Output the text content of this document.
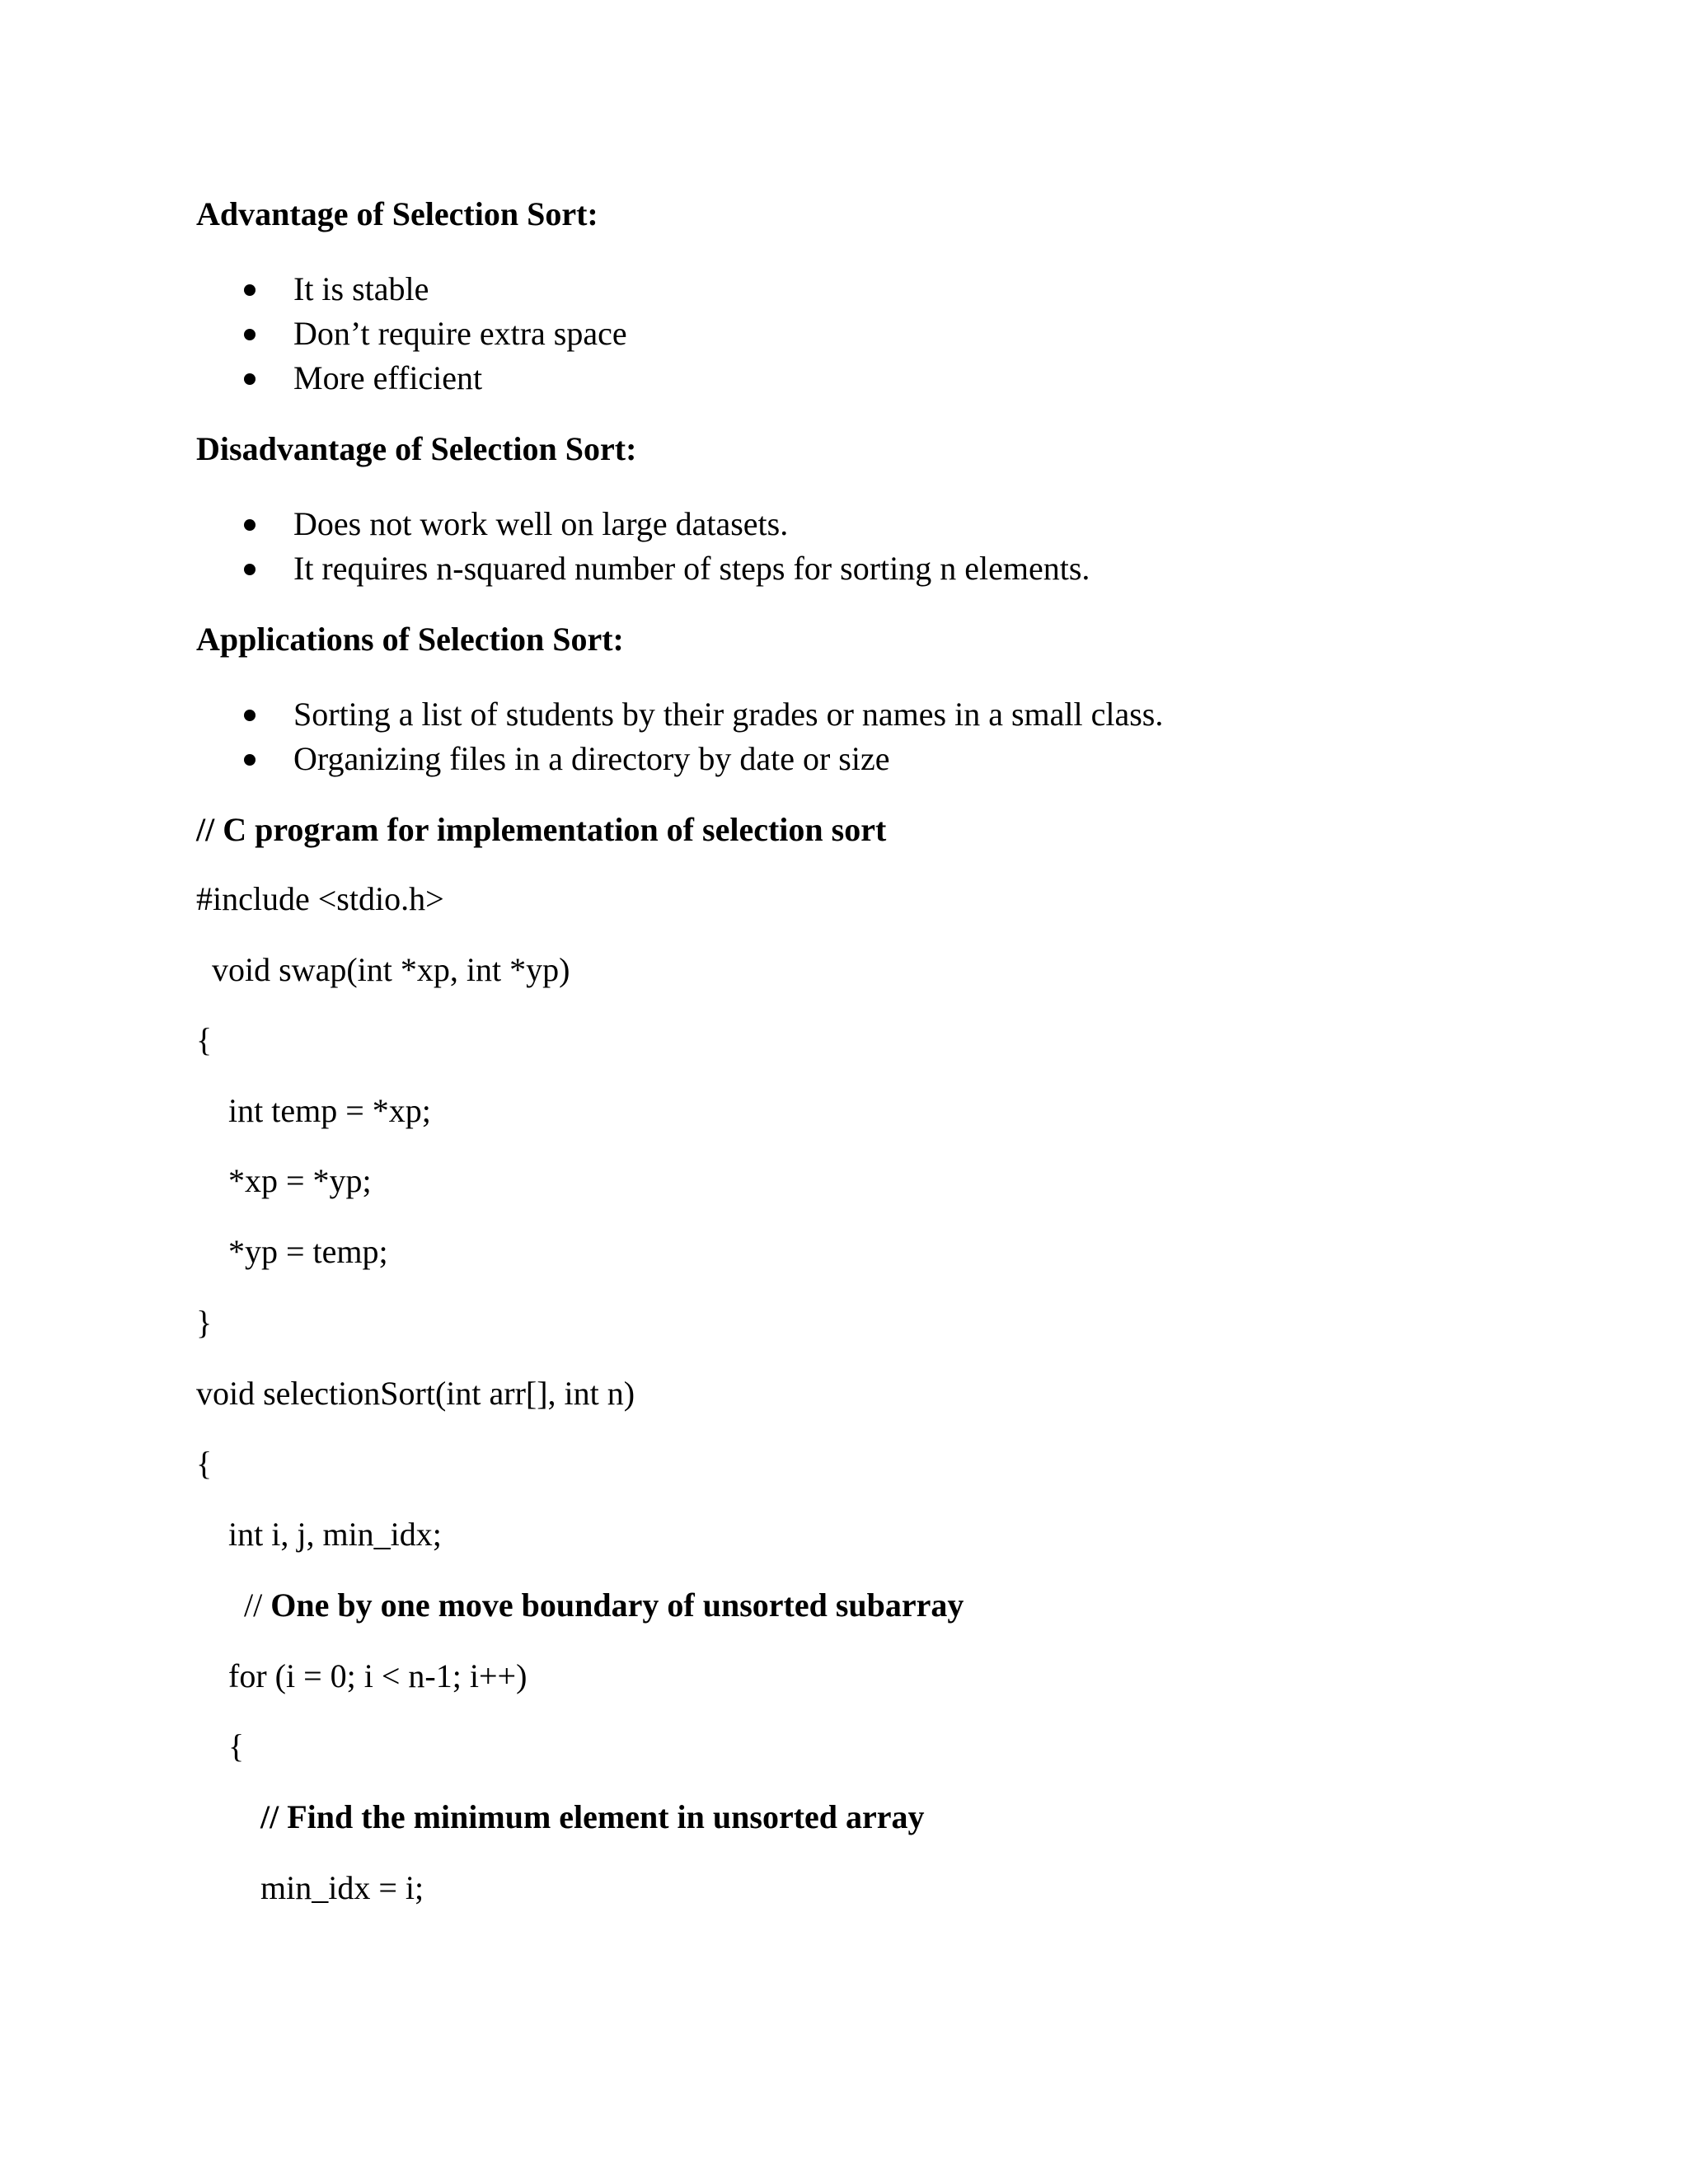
Advantage of Selection Sort:
It is stable
Don’t require extra space
More efficient
Disadvantage of Selection Sort:
Does not work well on large datasets.
It requires n-squared number of steps for sorting n elements.
Applications of Selection Sort:
Sorting a list of students by their grades or names in a small class.
Organizing files in a directory by date or size
// C program for implementation of selection sort
#include <stdio.h>
void swap(int *xp, int *yp)
{
int temp = *xp;
*xp = *yp;
*yp = temp;
}
void selectionSort(int arr[], int n)
{
int i, j, min_idx;
// One by one move boundary of unsorted subarray
for (i = 0; i < n-1; i++)
{
// Find the minimum element in unsorted array
min_idx = i;
